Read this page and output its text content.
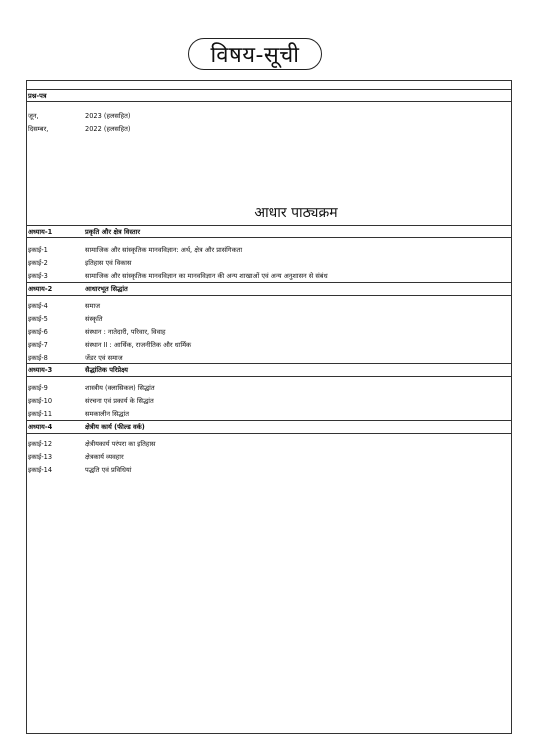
विषय-सूची
प्रश्न-पत्र
जून,	2023 (हलसहित)
दिसम्बर,	2022 (हलसहित)
आधार पाठ्यक्रम
अध्याय-1	प्रकृति और क्षेत्र विस्तार
इकाई-1	सामाजिक और सांस्कृतिक मानवविज्ञान: अर्थ, क्षेत्र और प्रासंगिकता
इकाई-2	इतिहास एवं विकास
इकाई-3	सामाजिक और सांस्कृतिक मानवविज्ञान का मानवविज्ञान की अन्य शाखाओं एवं अन्य अनुशासन से संबंध
अध्याय-2	आधारभूत सिद्धांत
इकाई-4	समाज
इकाई-5	संस्कृति
इकाई-6	संस्थान : नातेदारी, परिवार, विवाह
इकाई-7	संस्थान II : आर्थिक, राजनीतिक और धार्मिक
इकाई-8	जेंडर एवं समाज
अध्याय-3	सैद्धांतिक परिप्रेक्ष्य
इकाई-9	शास्त्रीय (क्लासिकल) सिद्धांत
इकाई-10	संरचना एवं प्रकार्य के सिद्धांत
इकाई-11	समकालीन सिद्धांत
अध्याय-4	क्षेत्रीय कार्य (फील्ड वर्क)
इकाई-12	क्षेत्रीयकार्य परंपरा का इतिहास
इकाई-13	क्षेत्रकार्य व्यवहार
इकाई-14	पद्धति एवं प्रविधियां
